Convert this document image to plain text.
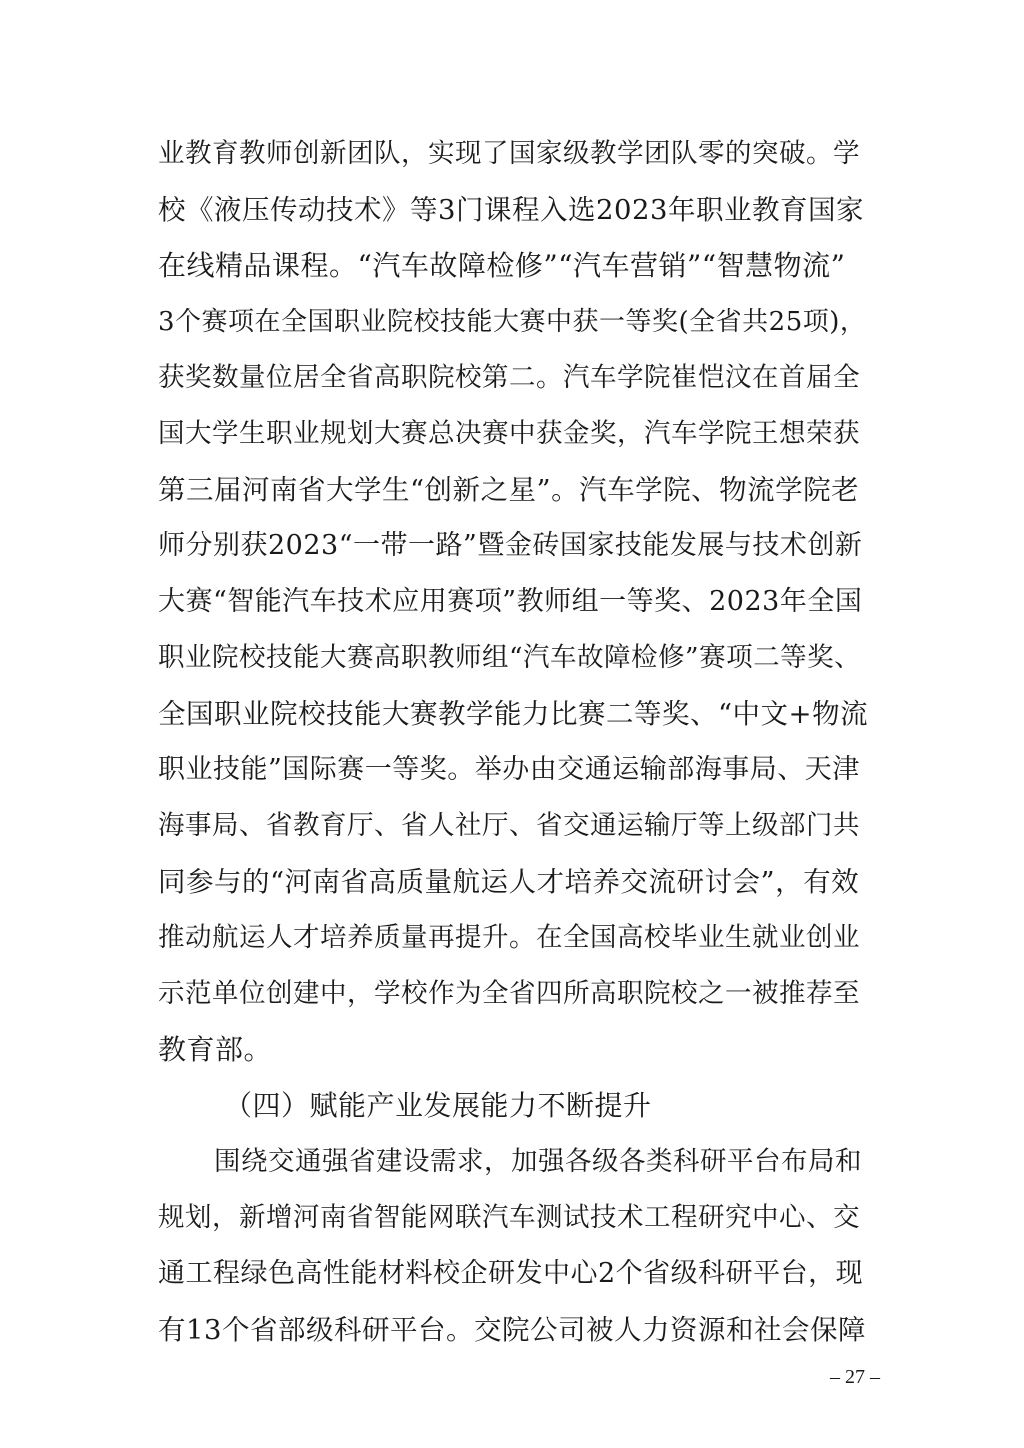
业教育教师创新团队，实现了国家级教学团队零的突破。学
校《液压传动技术》等3门课程入选2023年职业教育国家
在线精品课程。“汽车故障检修”“汽车营销”“智慧物流”
3个赛项在全国职业院校技能大赛中获一等奖(全省共25项)，
获奖数量位居全省高职院校第二。汽车学院崔恺汶在首届全
国大学生职业规划大赛总决赛中获金奖，汽车学院王想荣获
第三届河南省大学生“创新之星”。汽车学院、物流学院老
师分别获2023“一带一路”暨金砖国家技能发展与技术创新
大赛“智能汽车技术应用赛项”教师组一等奖、2023年全国
职业院校技能大赛高职教师组“汽车故障检修”赛项二等奖、
全国职业院校技能大赛教学能力比赛二等奖、“中文+物流
职业技能”国际赛一等奖。举办由交通运输部海事局、天津
海事局、省教育厅、省人社厅、省交通运输厅等上级部门共
同参与的“河南省高质量航运人才培养交流研讨会”，有效
推动航运人才培养质量再提升。在全国高校毕业生就业创业
示范单位创建中，学校作为全省四所高职院校之一被推荐至
教育部。
（四）赋能产业发展能力不断提升
围绕交通强省建设需求，加强各级各类科研平台布局和
规划，新增河南省智能网联汽车测试技术工程研究中心、交
通工程绿色高性能材料校企研发中心2个省级科研平台，现
有13个省部级科研平台。交院公司被人力资源和社会保障
– 27 –
